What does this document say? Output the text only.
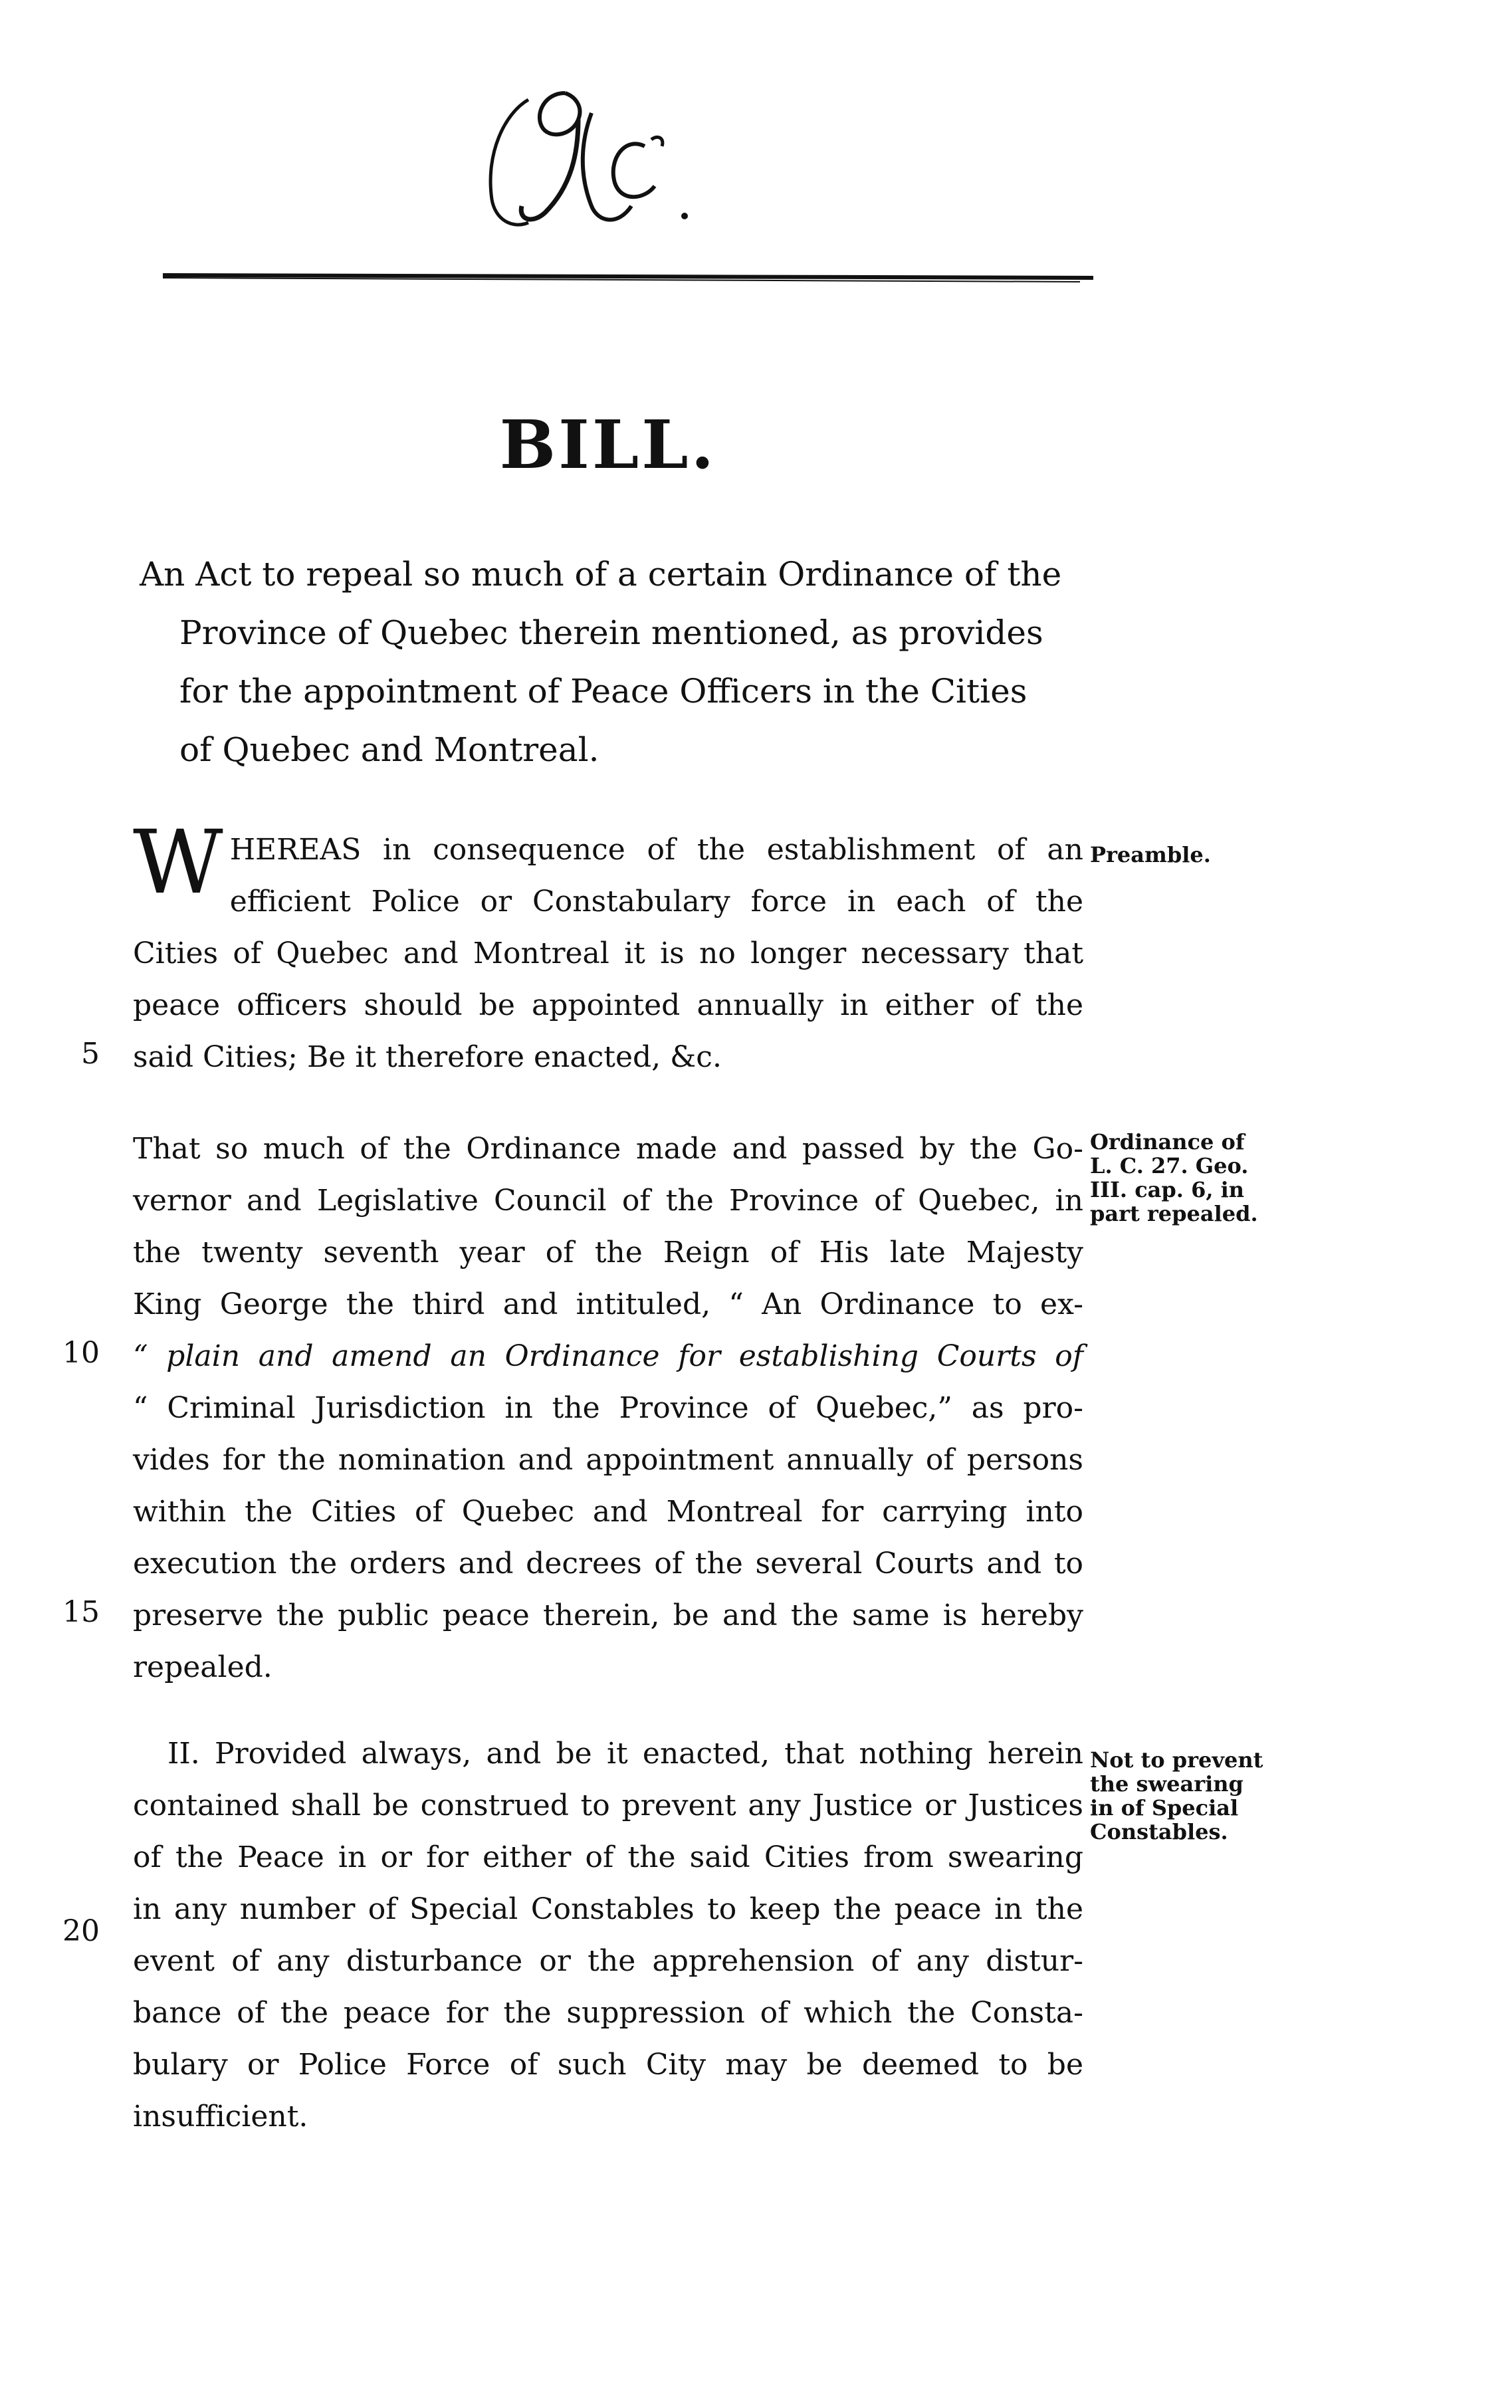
BILL.
An Act to repeal so much of a certain Ordinance of the
Province of Quebec therein mentioned, as provides
for the appointment of Peace Officers in the Cities
of Quebec and Montreal.
W HEREAS in consequence of the establishment of an
efficient Police or Constabulary force in each of the
Cities of Quebec and Montreal it is no longer necessary that
peace officers should be appointed annually in either of the
said Cities; Be it therefore enacted, &c.
Preamble.
5
That so much of the Ordinance made and passed by the Go-
vernor and Legislative Council of the Province of Quebec, in
the twenty seventh year of the Reign of His late Majesty
King George the third and intituled, “ An Ordinance to ex-
“ plain and amend an Ordinance for establishing Courts of
“ Criminal Jurisdiction in the Province of Quebec,” as pro-
vides for the nomination and appointment annually of persons
within the Cities of Quebec and Montreal for carrying into
execution the orders and decrees of the several Courts and to
preserve the public peace therein, be and the same is hereby
repealed.
Ordinance of
L. C. 27. Geo.
III. cap. 6, in
part repealed.
10
15
II. Provided always, and be it enacted, that nothing herein
contained shall be construed to prevent any Justice or Justices
of the Peace in or for either of the said Cities from swearing
in any number of Special Constables to keep the peace in the
event of any disturbance or the apprehension of any distur-
bance of the peace for the suppression of which the Consta-
bulary or Police Force of such City may be deemed to be
insufficient.
Not to prevent
the swearing
in of Special
Constables.
20
